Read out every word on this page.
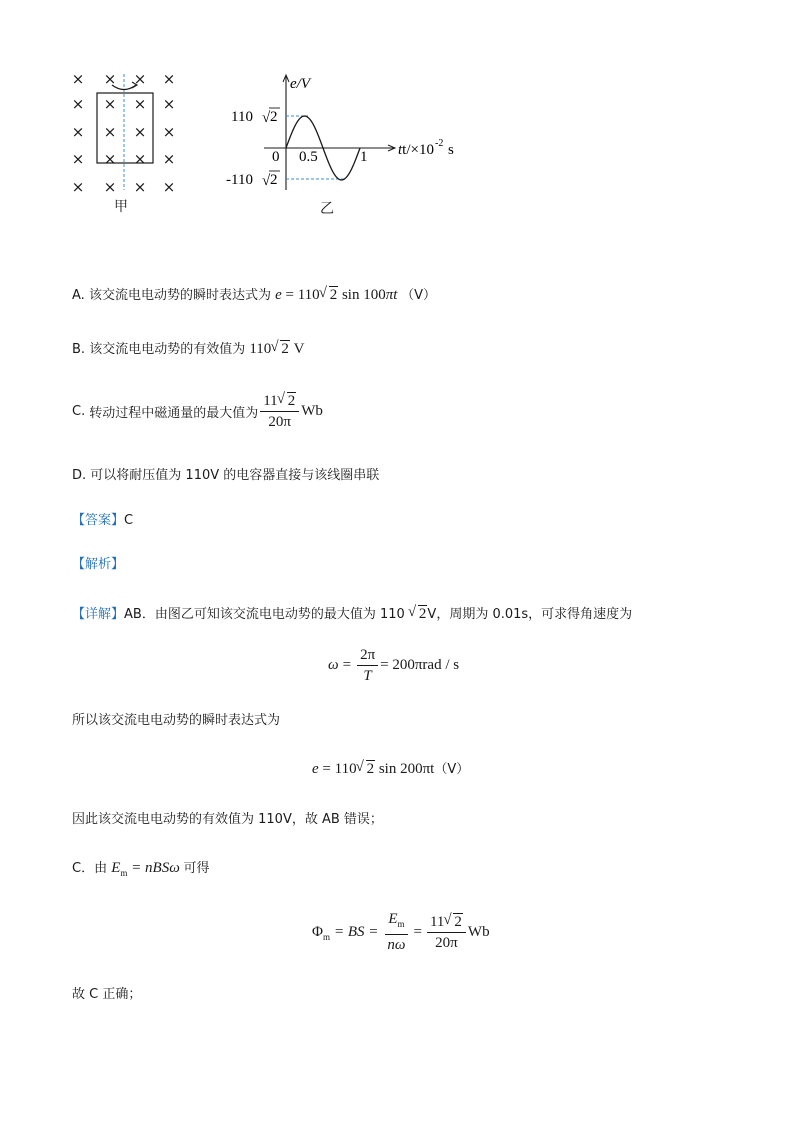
× × × ×
× × × ×
× × × ×
× × × ×
× × × ×
甲
e/V
110 √ 2
-110 √ 2
0 0.5	1 tt/×10 -2 s
乙
A. 该交流电电动势的瞬时表达式为 e = 110 √ 2 sin 100πt （V）
B. 该交流电电动势的有效值为 110 √ 2 V
C. 转动过程中磁通量的最大值为 $\frac{11 √ 2}{20\pi}$ Wb
D. 可以将耐压值为 110V 的电容器直接与该线圈串联
【答案】C
【解析】
【详解】AB．由图乙可知该交流电电动势的最大值为 110 √ 2V，周期为 0.01s，可求得角速度为
$\omega = \frac{2\pi}{T} = 200\pi rad / s$
所以该交流电电动势的瞬时表达式为
e = 110 √ 2 sin 200πt（V）
因此该交流电电动势的有效值为 110V，故 AB 错误；
C．由 $E_m = nBS\omega$ 可得
$\Phi_m$ = BS = $\frac{E_m}{n\omega} = \frac{11 √ 2}{20\pi}$ Wb
故 C 正确；
